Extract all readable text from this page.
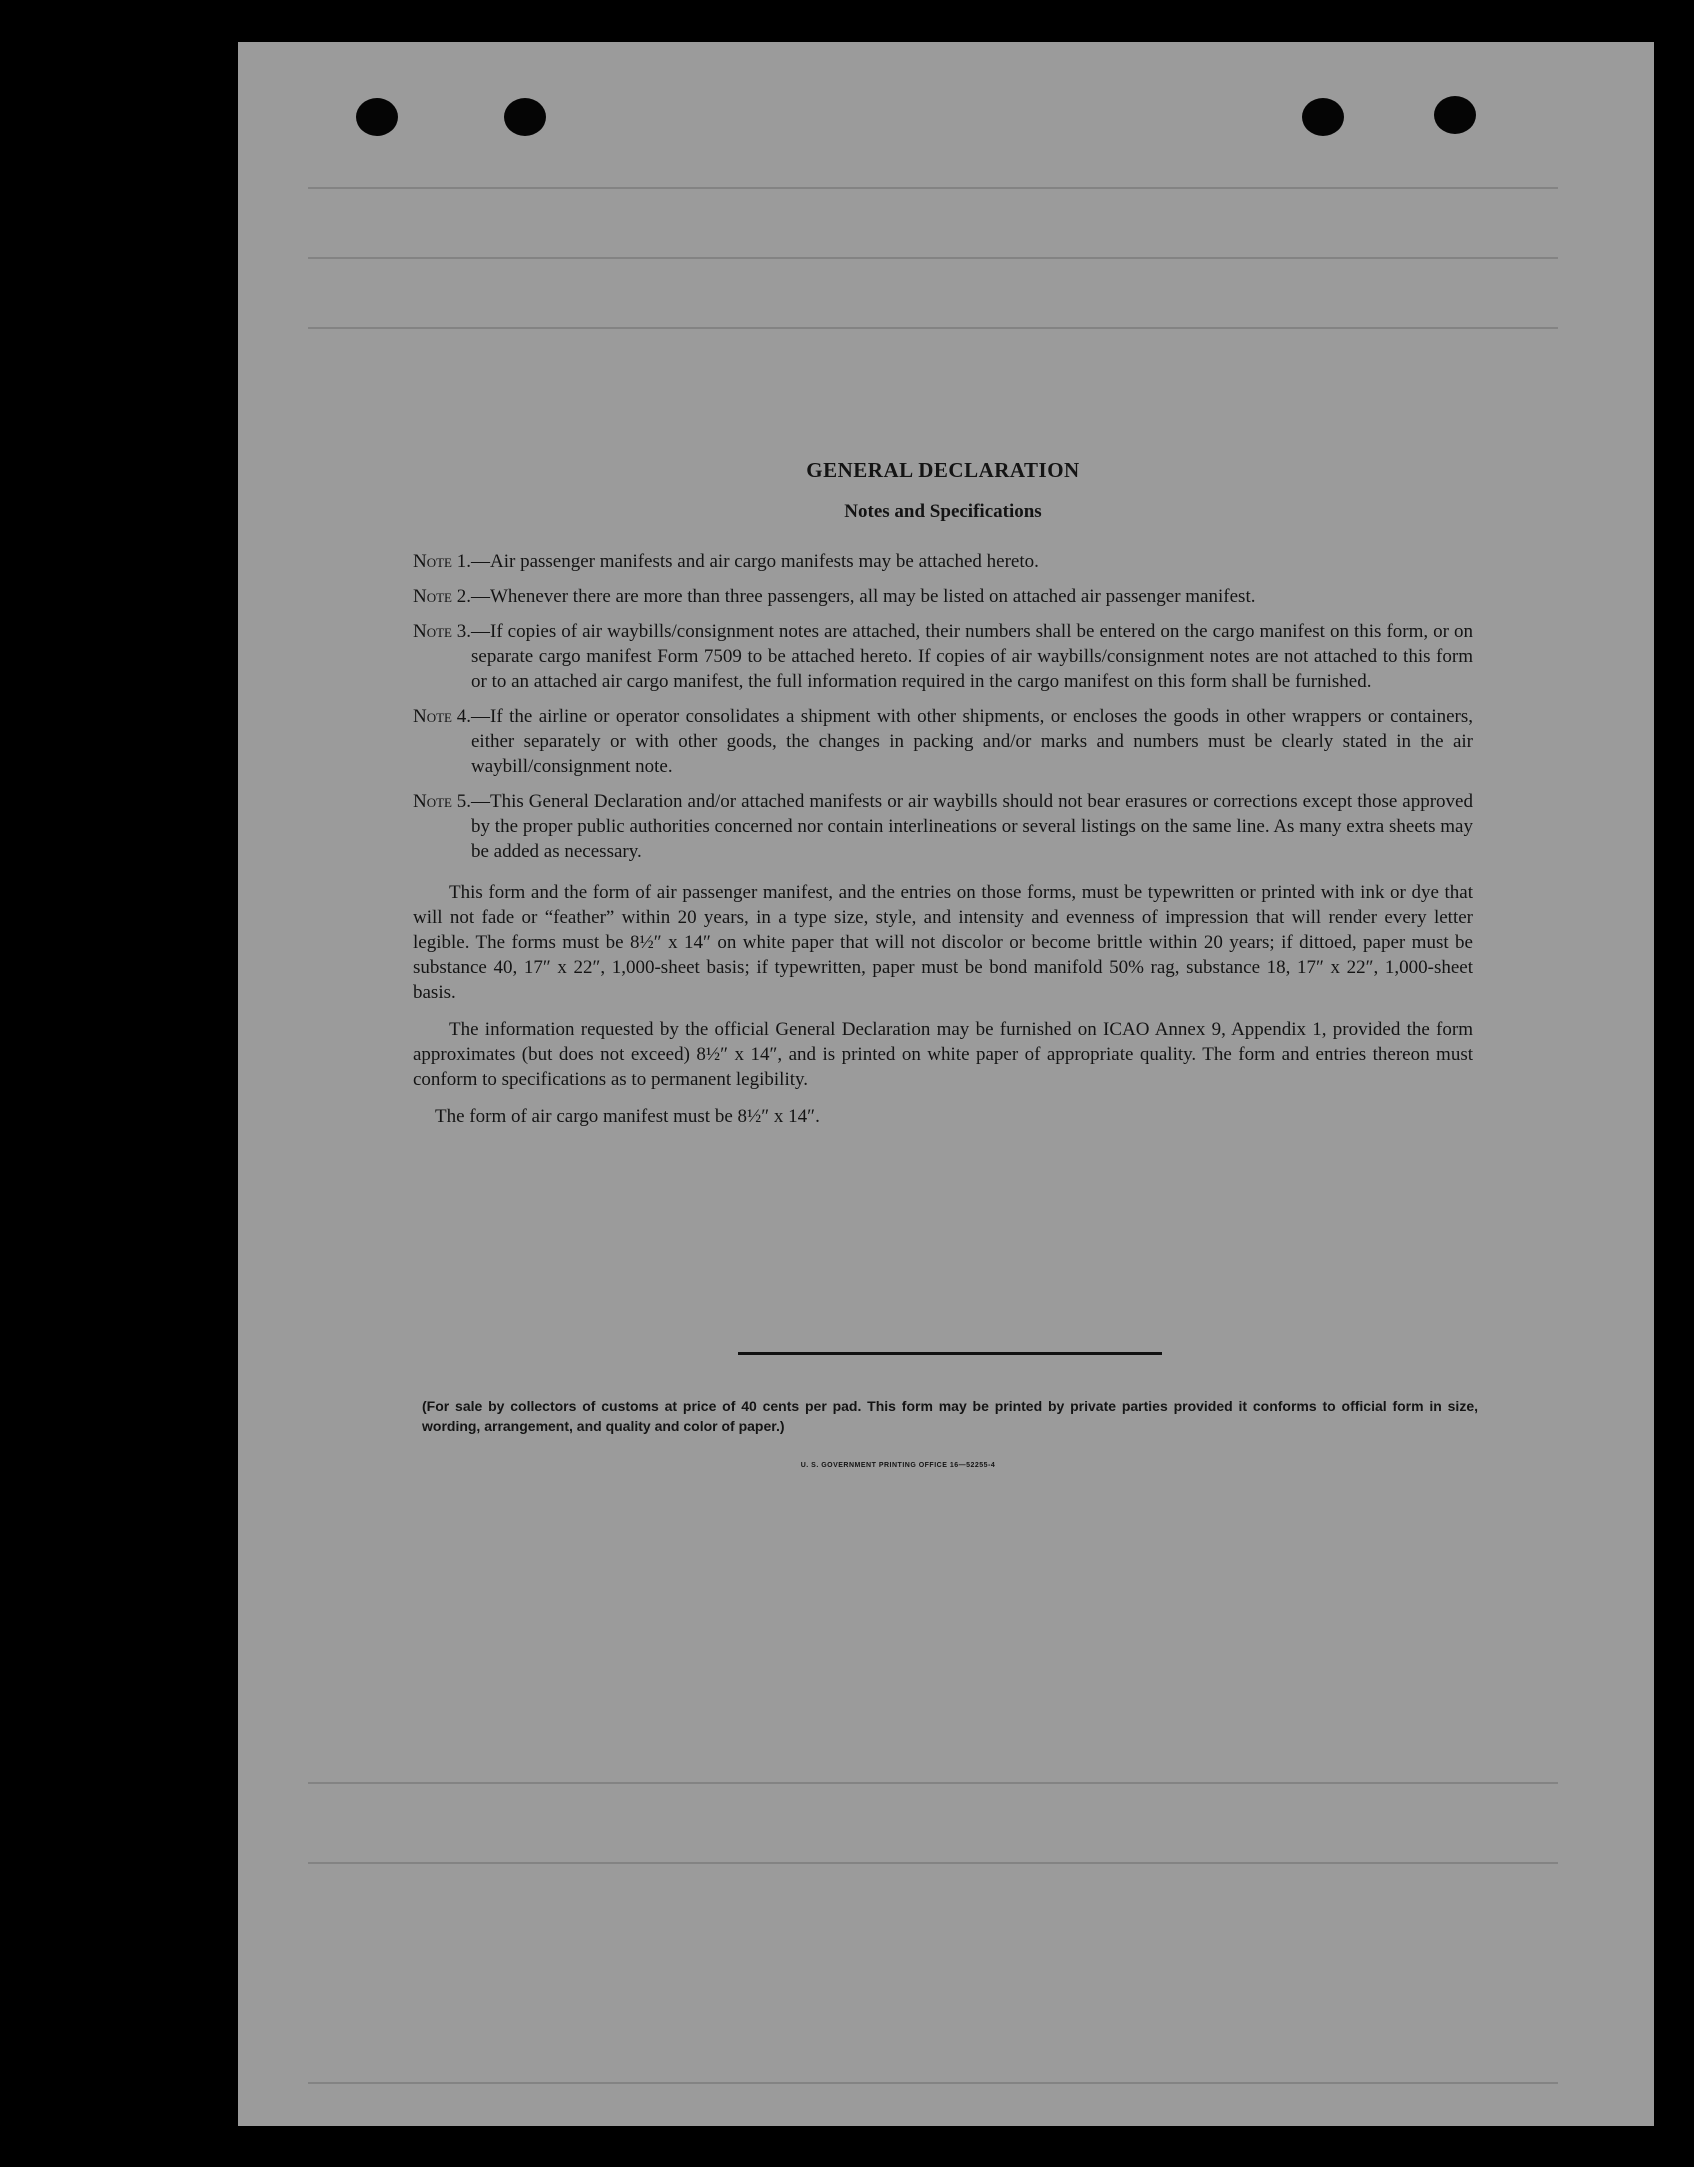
GENERAL DECLARATION
Notes and Specifications
Note 1. —Air passenger manifests and air cargo manifests may be attached hereto.
Note 2. —Whenever there are more than three passengers, all may be listed on attached air passenger manifest.
Note 3. —If copies of air waybills/consignment notes are attached, their numbers shall be entered on the cargo manifest on this form, or on separate cargo manifest Form 7509 to be attached hereto. If copies of air waybills/consignment notes are not attached to this form or to an attached air cargo manifest, the full information required in the cargo manifest on this form shall be furnished.
Note 4. —If the airline or operator consolidates a shipment with other shipments, or encloses the goods in other wrappers or containers, either separately or with other goods, the changes in packing and/or marks and numbers must be clearly stated in the air waybill/consignment note.
Note 5. —This General Declaration and/or attached manifests or air waybills should not bear erasures or corrections except those approved by the proper public authorities concerned nor contain interlineations or several listings on the same line. As many extra sheets may be added as necessary.

This form and the form of air passenger manifest, and the entries on those forms, must be typewritten or printed with ink or dye that will not fade or “feather” within 20 years, in a type size, style, and intensity and evenness of impression that will render every letter legible. The forms must be 8½″ x 14″ on white paper that will not discolor or become brittle within 20 years; if dittoed, paper must be substance 40, 17″ x 22″, 1,000-sheet basis; if typewritten, paper must be bond manifold 50% rag, substance 18, 17″ x 22″, 1,000-sheet basis.

The information requested by the official General Declaration may be furnished on ICAO Annex 9, Appendix 1, provided the form approximates (but does not exceed) 8½″ x 14″, and is printed on white paper of appropriate quality. The form and entries thereon must conform to specifications as to permanent legibility.

The form of air cargo manifest must be 8½″ x 14″.

(For sale by collectors of customs at price of 40 cents per pad. This form may be printed by private parties provided it conforms to official form in size, wording, arrangement, and quality and color of paper.)
U. S. GOVERNMENT PRINTING OFFICE 16—52255-4
